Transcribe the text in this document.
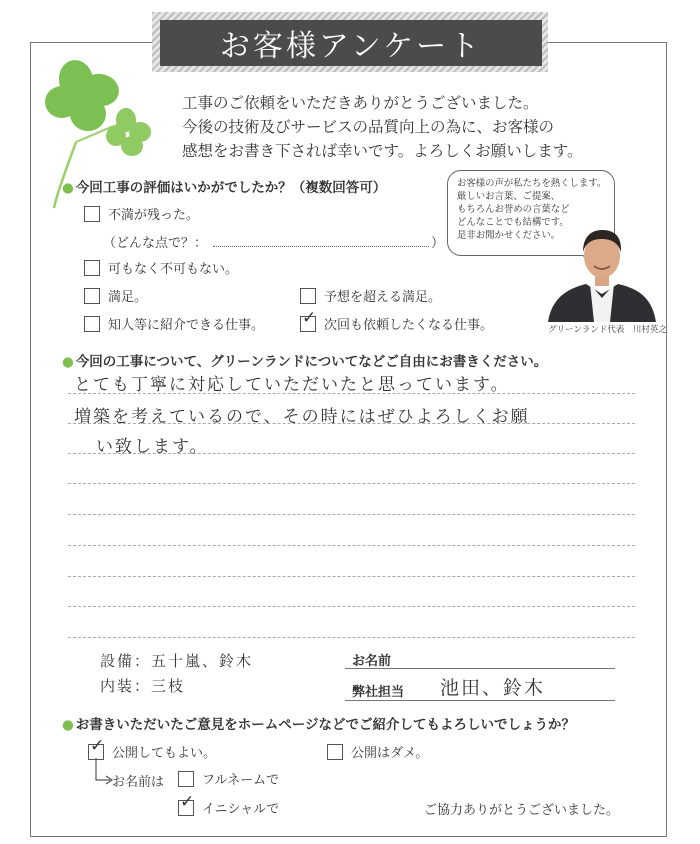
お客様アンケート
工事のご依頼をいただきありがとうございました。
今後の技術及びサービスの品質向上の為に、お客様の
感想をお書き下されば幸いです。よろしくお願いします。
● 今回工事の評価はいかがでしたか？（複数回答可）
不満が残った。
（どんな点で？：	）
可もなく不可もない。
満足。	予想を超える満足。
知人等に紹介できる仕事。 ✓ 次回も依頼したくなる仕事。
お客様の声が私たちを熱くします。
厳しいお言葉、ご提案、
もちろんお誉めの言葉など
どんなことでも結構です。
是非お聞かせください。
グリーンランド代表　川村英之
● 今回の工事について、グリーンランドについてなどご自由にお書きください。
とても丁寧に対応していただいたと思っています。
増築を考えているので、その時にはぜひよろしくお願
い致します。
設備：五十嵐、鈴木
内装：三枝
お名前
弊社担当 池田、鈴木
● お書きいただいたご意見をホームページなどでご紹介してもよろしいでしょうか？
✓ 公開してもよい。	公開はダメ。
お名前は	フルネームで
✓ イニシャルで	ご協力ありがとうございました。
